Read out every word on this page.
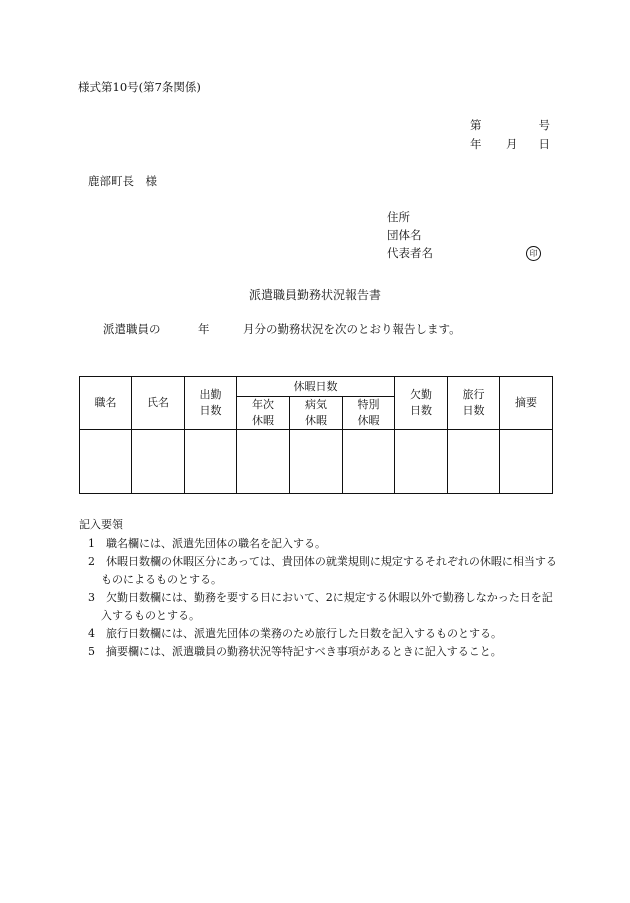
様式第10号(第7条関係)
第	号
年 月 日
鹿部町長　様
住所
団体名
代表者名	印
派遣職員勤務状況報告書
派遣職員の	年	月分の勤務状況を次のとおり報告します。
職名	氏名	出勤日数	休暇日数			欠勤日数	旅行日数	摘要
			年次休暇	病気休暇	特別休暇			

記入要領
1　職名欄には、派遣先団体の職名を記入する。
2　休暇日数欄の休暇区分にあっては、貴団体の就業規則に規定するそれぞれの休暇に相当するものによるものとする。
3　欠勤日数欄には、勤務を要する日において、2に規定する休暇以外で勤務しなかった日を記入するものとする。
4　旅行日数欄には、派遣先団体の業務のため旅行した日数を記入するものとする。
5　摘要欄には、派遣職員の勤務状況等特記すべき事項があるときに記入すること。
